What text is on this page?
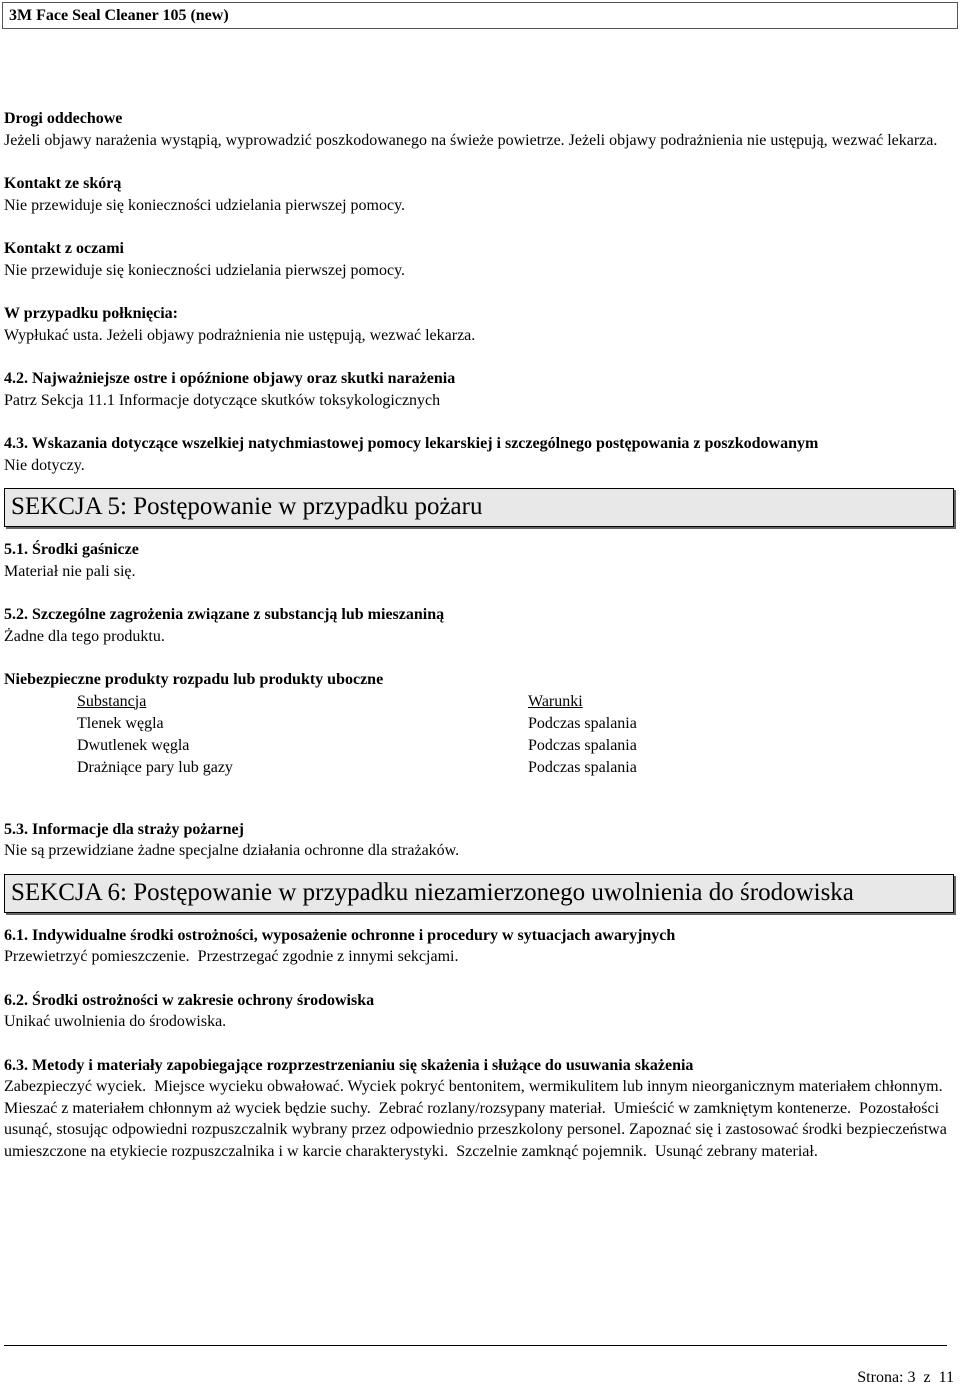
3M Face Seal Cleaner 105 (new)
Drogi oddechowe
Jeżeli objawy narażenia wystąpią, wyprowadzić poszkodowanego na świeże powietrze. Jeżeli objawy podrażnienia nie ustępują, wezwać lekarza.
Kontakt ze skórą
Nie przewiduje się konieczności udzielania pierwszej pomocy.
Kontakt z oczami
Nie przewiduje się konieczności udzielania pierwszej pomocy.
W przypadku połknięcia:
Wypłukać usta. Jeżeli objawy podrażnienia nie ustępują, wezwać lekarza.
4.2. Najważniejsze ostre i opóźnione objawy oraz skutki narażenia
Patrz Sekcja 11.1 Informacje dotyczące skutków toksykologicznych
4.3. Wskazania dotyczące wszelkiej natychmiastowej pomocy lekarskiej i szczególnego postępowania z poszkodowanym
Nie dotyczy.
SEKCJA 5: Postępowanie w przypadku pożaru
5.1. Środki gaśnicze
Materiał nie pali się.
5.2. Szczególne zagrożenia związane z substancją lub mieszaniną
Żadne dla tego produktu.
Niebezpieczne produkty rozpadu lub produkty uboczne
Substancja	Warunki
Tlenek węgla	Podczas spalania
Dwutlenek węgla	Podczas spalania
Drażniące pary lub gazy	Podczas spalania
5.3. Informacje dla straży pożarnej
Nie są przewidziane żadne specjalne działania ochronne dla strażaków.
SEKCJA 6: Postępowanie w przypadku niezamierzonego uwolnienia do środowiska
6.1. Indywidualne środki ostrożności, wyposażenie ochronne i procedury w sytuacjach awaryjnych
Przewietrzyć pomieszczenie.  Przestrzegać zgodnie z innymi sekcjami.
6.2. Środki ostrożności w zakresie ochrony środowiska
Unikać uwolnienia do środowiska.
6.3. Metody i materiały zapobiegające rozprzestrzenianiu się skażenia i służące do usuwania skażenia
Zabezpieczyć wyciek.  Miejsce wycieku obwałować. Wyciek pokryć bentonitem, wermikulitem lub innym nieorganicznym materiałem chłonnym. Mieszać z materiałem chłonnym aż wyciek będzie suchy.  Zebrać rozlany/rozsypany materiał.  Umieścić w zamkniętym kontenerze.  Pozostałości usunąć, stosując odpowiedni rozpuszczalnik wybrany przez odpowiednio przeszkolony personel. Zapoznać się i zastosować środki bezpieczeństwa umieszczone na etykiecie rozpuszczalnika i w karcie charakterystyki.  Szczelnie zamknąć pojemnik.  Usunąć zebrany materiał.
Strona: 3  z  11
